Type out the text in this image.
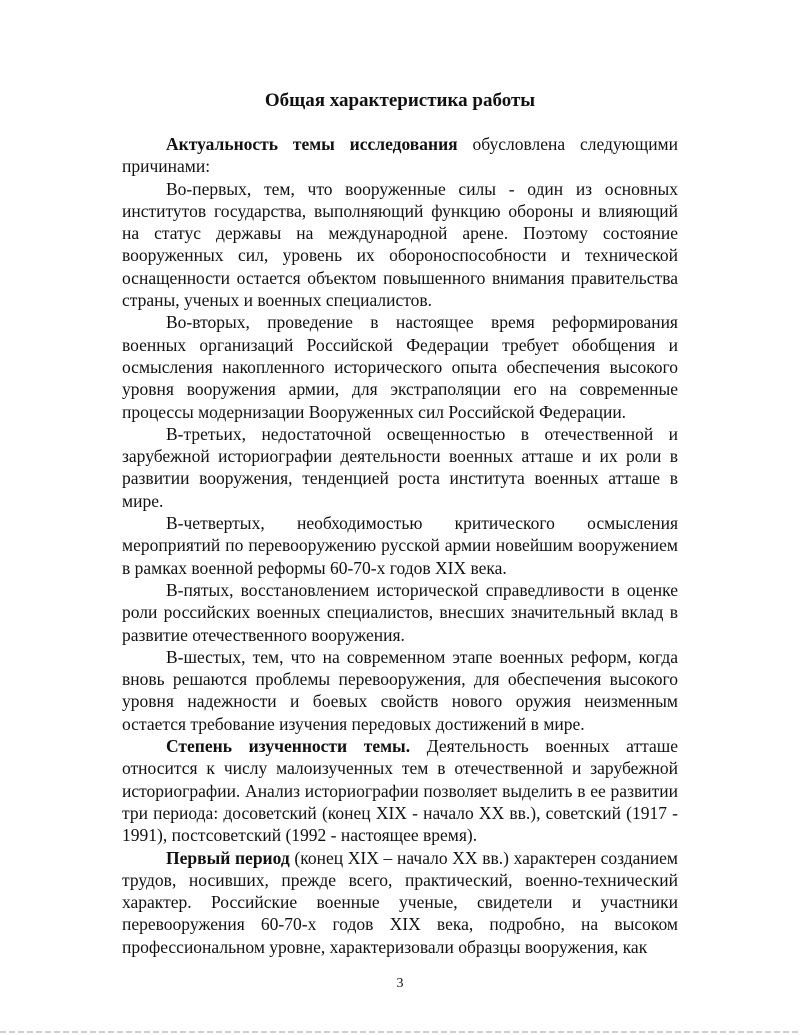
Общая характеристика работы

Актуальность темы исследования обусловлена следующими причинами:

Во-первых, тем, что вооруженные силы - один из основных институтов государства, выполняющий функцию обороны и влияющий на статус державы на международной арене. Поэтому состояние вооруженных сил, уровень их обороноспособности и технической оснащенности остается объектом повышенного внимания правительства страны, ученых и военных специалистов.

Во-вторых, проведение в настоящее время реформирования военных организаций Российской Федерации требует обобщения и осмысления накопленного исторического опыта обеспечения высокого уровня вооружения армии, для экстраполяции его на современные процессы модернизации Вооруженных сил Российской Федерации.

В-третьих, недостаточной освещенностью в отечественной и зарубежной историографии деятельности военных атташе и их роли в развитии вооружения, тенденцией роста института военных атташе в мире.

В-четвертых, необходимостью критического осмысления мероприятий по перевооружению русской армии новейшим вооружением в рамках военной реформы 60-70-х годов XIX века.

В-пятых, восстановлением исторической справедливости в оценке роли российских военных специалистов, внесших значительный вклад в развитие отечественного вооружения.

В-шестых, тем, что на современном этапе военных реформ, когда вновь решаются проблемы перевооружения, для обеспечения высокого уровня надежности и боевых свойств нового оружия неизменным остается требование изучения передовых достижений в мире.

Степень изученности темы. Деятельность военных атташе относится к числу малоизученных тем в отечественной и зарубежной историографии. Анализ историографии позволяет выделить в ее развитии три периода: досоветский (конец XIX - начало XX вв.), советский (1917 - 1991), постсоветский (1992 - настоящее время).

Первый период (конец XIX – начало XX вв.) характерен созданием трудов, носивших, прежде всего, практический, военно-технический характер. Российские военные ученые, свидетели и участники перевооружения 60-70-х годов XIX века, подробно, на высоком профессиональном уровне, характеризовали образцы вооружения, как

3
